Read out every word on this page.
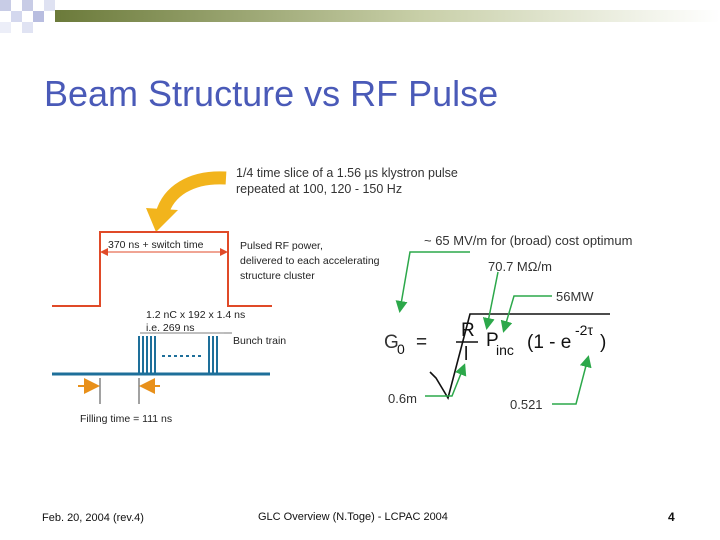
Beam Structure vs RF Pulse
1/4 time slice of a 1.56 µs klystron pulse
repeated at 100, 120 - 150 Hz
370 ns + switch time	Pulsed RF power,
delivered to each accelerating
structure cluster
1.2 nC x 192 x 1.4 ns
i.e. 269 ns
Bunch train
Filling time = 111 ns
~ 65 MV/m for (broad) cost optimum
70.7 MΩ/m
56MW
0.6m	0.521
G
0 =
R
l
P
inc (1 - e
-2τ
)
Feb. 20, 2004 (rev.4)	GLC Overview (N.Toge) - LCPAC 2004	4
